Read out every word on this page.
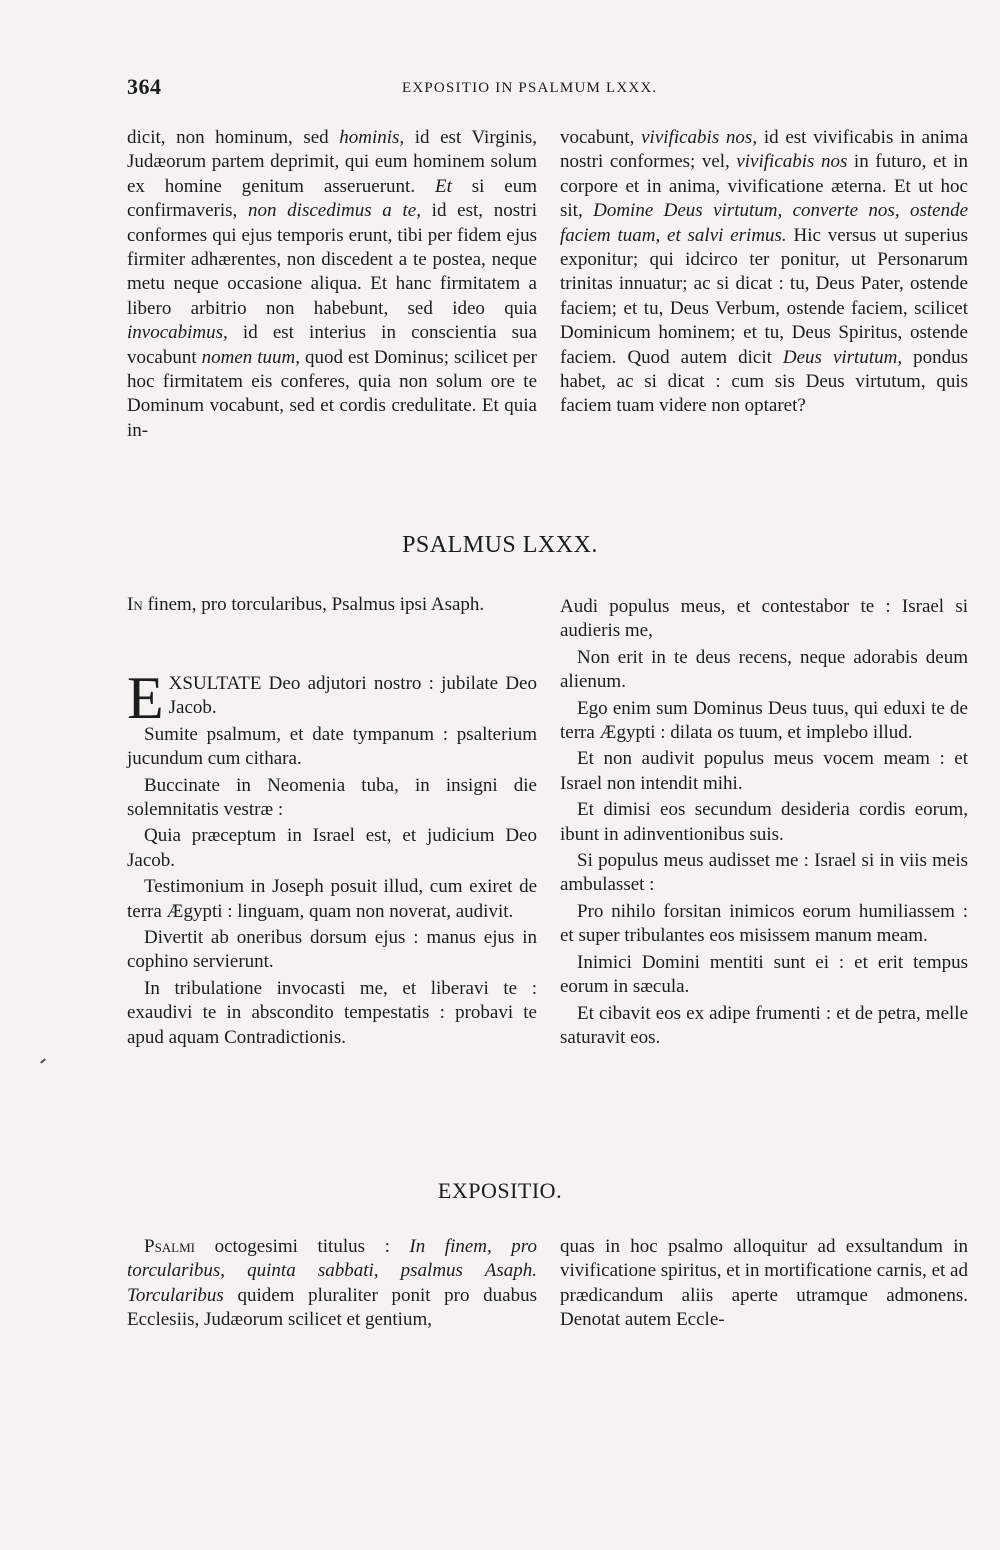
364	EXPOSITIO IN PSALMUM LXXX.

dicit, non hominum, sed hominis, id est Virginis, Judæorum partem deprimit, qui eum hominem solum ex homine genitum asseruerunt. Et si eum confirmaveris, non discedimus a te, id est, nostri conformes qui ejus temporis erunt, tibi per fidem ejus firmiter adhærentes, non discedent a te postea, neque metu neque occasione aliqua. Et hanc firmitatem a libero arbitrio non habebunt, sed ideo quia invocabimus, id est interius in conscientia sua vocabunt nomen tuum, quod est Dominus; scilicet per hoc firmitatem eis conferes, quia non solum ore te Dominum vocabunt, sed et cordis credulitate. Et quia in-

vocabunt, vivificabis nos, id est vivificabis in anima nostri conformes; vel, vivificabis nos in futuro, et in corpore et in anima, vivificatione æterna. Et ut hoc sit, Domine Deus virtutum, converte nos, ostende faciem tuam, et salvi erimus. Hic versus ut superius exponitur; qui idcirco ter ponitur, ut Personarum trinitas innuatur; ac si dicat : tu, Deus Pater, ostende faciem; et tu, Deus Verbum, ostende faciem, scilicet Dominicum hominem; et tu, Deus Spiritus, ostende faciem. Quod autem dicit Deus virtutum, pondus habet, ac si dicat : cum sis Deus virtutum, quis faciem tuam videre non optaret?

PSALMUS LXXX.

In finem, pro torcularibus, Psalmus ipsi Asaph.

EXSULTATE Deo adjutori nostro : jubilate Deo Jacob.

Sumite psalmum, et date tympanum : psalterium jucundum cum cithara.

Buccinate in Neomenia tuba, in insigni die solemnitatis vestræ :

Quia præceptum in Israel est, et judicium Deo Jacob.

Testimonium in Joseph posuit illud, cum exiret de terra Ægypti : linguam, quam non noverat, audivit.

Divertit ab oneribus dorsum ejus : manus ejus in cophino servierunt.

In tribulatione invocasti me, et liberavi te : exaudivi te in abscondito tempestatis : probavi te apud aquam Contradictionis.

Audi populus meus, et contestabor te : Israel si audieris me,

Non erit in te deus recens, neque adorabis deum alienum.

Ego enim sum Dominus Deus tuus, qui eduxi te de terra Ægypti : dilata os tuum, et implebo illud.

Et non audivit populus meus vocem meam : et Israel non intendit mihi.

Et dimisi eos secundum desideria cordis eorum, ibunt in adinventionibus suis.

Si populus meus audisset me : Israel si in viis meis ambulasset :

Pro nihilo forsitan inimicos eorum humiliassem : et super tribulantes eos misissem manum meam.

Inimici Domini mentiti sunt ei : et erit tempus eorum in sæcula.

Et cibavit eos ex adipe frumenti : et de petra, melle saturavit eos.

EXPOSITIO.

Psalmi octogesimi titulus : In finem, pro torcularibus, quinta sabbati, psalmus Asaph. Torcularibus quidem pluraliter ponit pro duabus Ecclesiis, Judæorum scilicet et gentium,

quas in hoc psalmo alloquitur ad exsultandum in vivificatione spiritus, et in mortificatione carnis, et ad prædicandum aliis aperte utramque admonens. Denotat autem Eccle-
